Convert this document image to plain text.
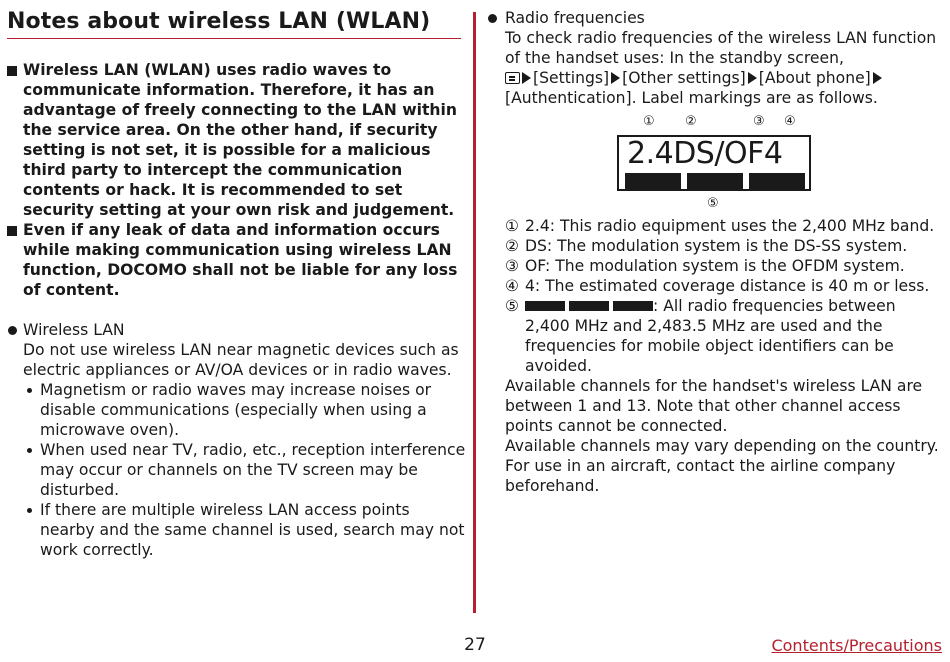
Notes about wireless LAN (WLAN)
Wireless LAN (WLAN) uses radio waves to communicate information. Therefore, it has an advantage of freely connecting to the LAN within the service area. On the other hand, if security setting is not set, it is possible for a malicious third party to intercept the communication contents or hack. It is recommended to set security setting at your own risk and judgement.
Even if any leak of data and information occurs while making communication using wireless LAN function, DOCOMO shall not be liable for any loss of content.
Wireless LAN
Do not use wireless LAN near magnetic devices such as electric appliances or AV/OA devices or in radio waves.
Magnetism or radio waves may increase noises or disable communications (especially when using a microwave oven).
When used near TV, radio, etc., reception interference may occur or channels on the TV screen may be disturbed.
If there are multiple wireless LAN access points nearby and the same channel is used, search may not work correctly.
Radio frequencies
To check radio frequencies of the wireless LAN function of the handset uses: In the standby screen,
[Settings] [Other settings] [About phone]
[Authentication]. Label markings are as follows.
① ②	③ ④
2.4DS/OF4
⑤
① 2.4: This radio equipment uses the 2,400 MHz band.
② DS: The modulation system is the DS-SS system.
③ OF: The modulation system is the OFDM system.
④ 4: The estimated coverage distance is 40 m or less.
⑤	: All radio frequencies between 2,400 MHz and 2,483.5 MHz are used and the frequencies for mobile object identifiers can be avoided.
Available channels for the handset's wireless LAN are between 1 and 13. Note that other channel access points cannot be connected.
Available channels may vary depending on the country. For use in an aircraft, contact the airline company beforehand.
27	Contents/Precautions
